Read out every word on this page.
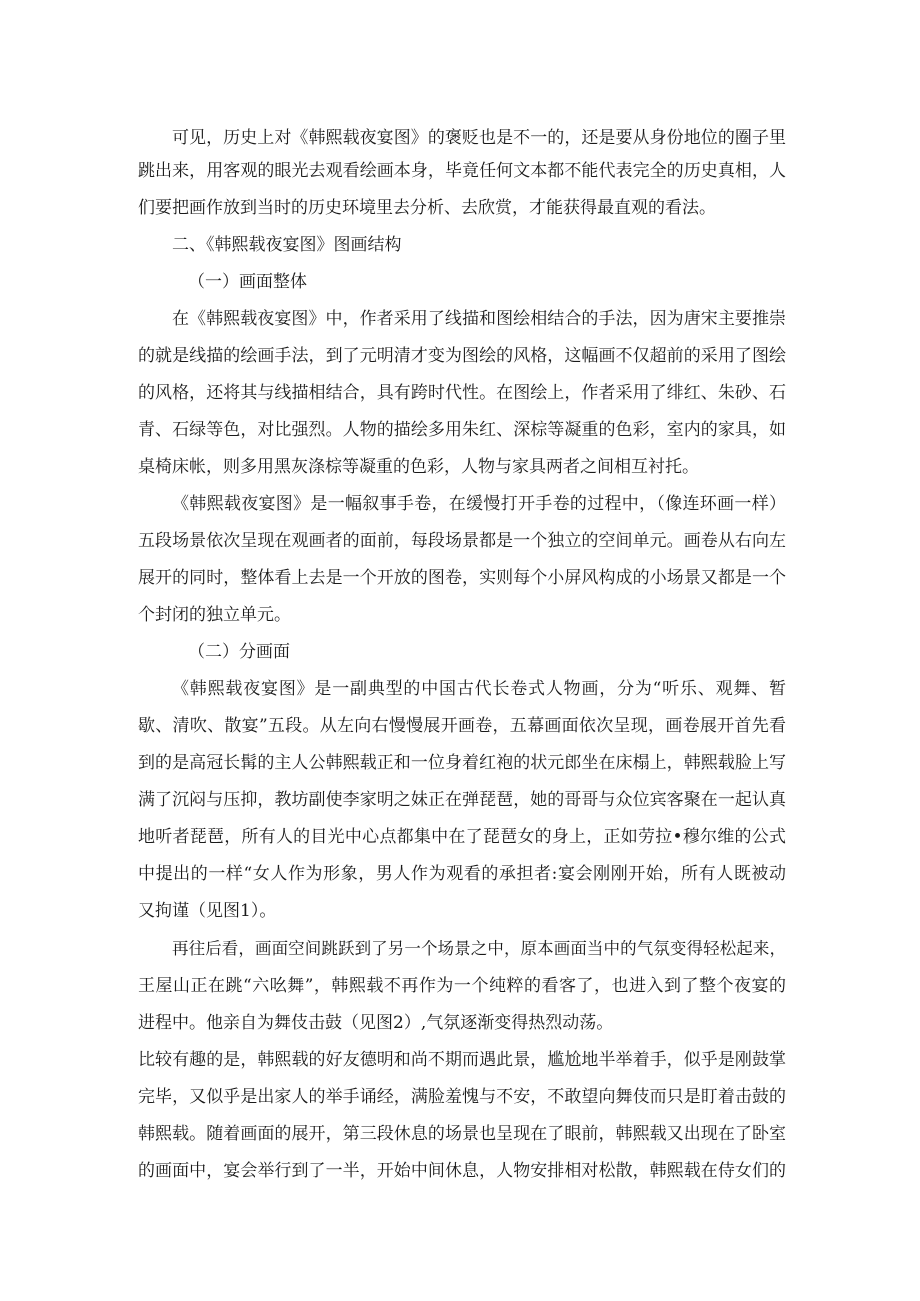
可见，历史上对《韩熙载夜宴图》的褒贬也是不一的，还是要从身份地位的圈子里
跳出来，用客观的眼光去观看绘画本身，毕竟任何文本都不能代表完全的历史真相，人
们要把画作放到当时的历史环境里去分析、去欣赏，才能获得最直观的看法。
二、《韩熙载夜宴图》图画结构
（一）画面整体
在《韩熙载夜宴图》中，作者采用了线描和图绘相结合的手法，因为唐宋主要推崇
的就是线描的绘画手法，到了元明清才变为图绘的风格，这幅画不仅超前的采用了图绘
的风格，还将其与线描相结合，具有跨时代性。在图绘上，作者采用了绯红、朱砂、石
青、石绿等色，对比强烈。人物的描绘多用朱红、深棕等凝重的色彩，室内的家具，如
桌椅床帐，则多用黑灰涤棕等凝重的色彩，人物与家具两者之间相互衬托。
《韩熙载夜宴图》是一幅叙事手卷，在缓慢打开手卷的过程中，（像连环画一样）
五段场景依次呈现在观画者的面前，每段场景都是一个独立的空间单元。画卷从右向左
展开的同时，整体看上去是一个开放的图卷，实则每个小屏风构成的小场景又都是一个
个封闭的独立单元。
（二）分画面
《韩熙载夜宴图》是一副典型的中国古代长卷式人物画，分为“听乐、观舞、暂
歇、清吹、散宴”五段。从左向右慢慢展开画卷，五幕画面依次呈现，画卷展开首先看
到的是高冠长髯的主人公韩熙载正和一位身着红袍的状元郎坐在床榻上，韩熙载脸上写
满了沉闷与压抑，教坊副使李家明之妹正在弹琵琶，她的哥哥与众位宾客聚在一起认真
地听者琵琶，所有人的目光中心点都集中在了琵琶女的身上，正如劳拉•穆尔维的公式
中提出的一样“女人作为形象，男人作为观看的承担者:宴会刚刚开始，所有人既被动
又拘谨（见图1）。
再往后看，画面空间跳跃到了另一个场景之中，原本画面当中的气氛变得轻松起来，
王屋山正在跳“六吆舞”，韩熙载不再作为一个纯粹的看客了，也进入到了整个夜宴的
进程中。他亲自为舞伎击鼓（见图2）,气氛逐渐变得热烈动荡。
比较有趣的是，韩熙载的好友德明和尚不期而遇此景，尴尬地半举着手，似乎是刚鼓掌
完毕，又似乎是出家人的举手诵经，满脸羞愧与不安，不敢望向舞伎而只是盯着击鼓的
韩熙载。随着画面的展开，第三段休息的场景也呈现在了眼前，韩熙载又出现在了卧室
的画面中，宴会举行到了一半，开始中间休息，人物安排相对松散，韩熙载在侍女们的
